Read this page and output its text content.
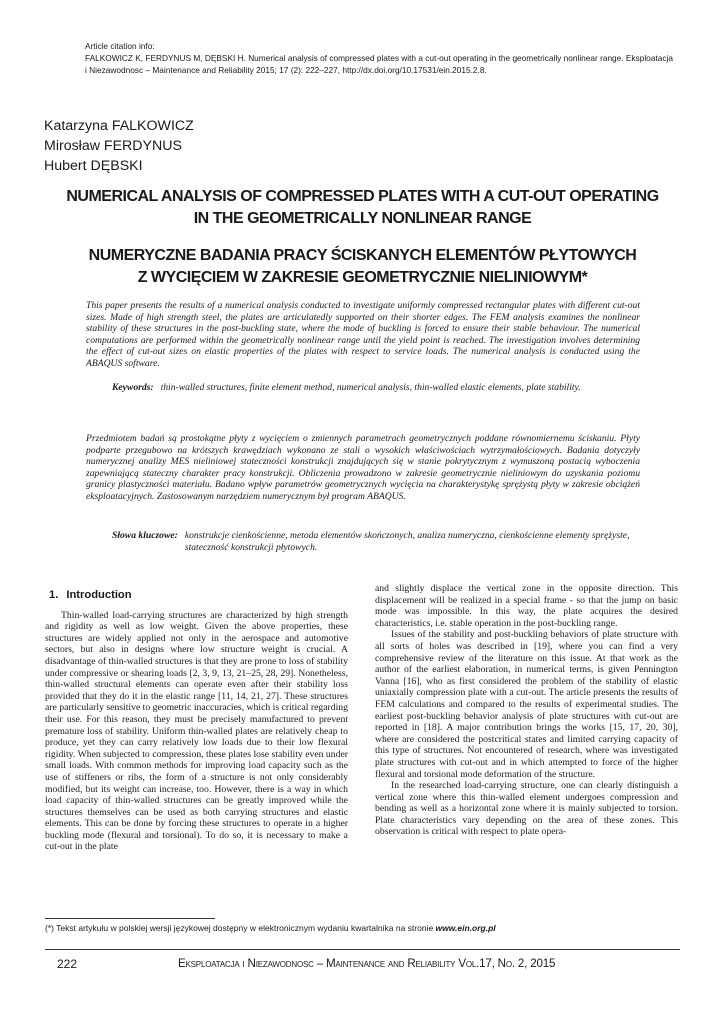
Article citation info:
FALKOWICZ K, FERDYNUS M, DĘBSKI H. Numerical analysis of compressed plates with a cut-out operating in the geometrically nonlinear range. Eksploatacja i Niezawodnosc – Maintenance and Reliability 2015; 17 (2): 222–227, http://dx.doi.org/10.17531/ein.2015.2.8.
Katarzyna FALKOWICZ
Mirosław FERDYNUS
Hubert DĘBSKI
NUMERICAL ANALYSIS OF COMPRESSED PLATES WITH A CUT-OUT OPERATING
IN THE GEOMETRICALLY NONLINEAR RANGE
NUMERYCZNE BADANIA PRACY ŚCISKANYCH ELEMENTÓW PŁYTOWYCH
Z WYCIĘCIEM W ZAKRESIE GEOMETRYCZNIE NIELINIOWYM*
This paper presents the results of a numerical analysis conducted to investigate uniformly compressed rectangular plates with different cut-out sizes. Made of high strength steel, the plates are articulatedly supported on their shorter edges. The FEM analysis examines the nonlinear stability of these structures in the post-buckling state, where the mode of buckling is forced to ensure their stable behaviour. The numerical computations are performed within the geometrically nonlinear range until the yield point is reached. The investigation involves determining the effect of cut-out sizes on elastic properties of the plates with respect to service loads. The numerical analysis is conducted using the ABAQUS software.
Keywords: thin-walled structures, finite element method, numerical analysis, thin-walled elastic elements, plate stability.
Przedmiotem badań są prostokątne płyty z wycięciem o zmiennych parametrach geometrycznych poddane równomiernemu ściskaniu. Płyty podparte przegubowo na krótszych krawędziach wykonano ze stali o wysokich właściwościach wytrzymałościowych. Badania dotyczyły numerycznej analizy MES nieliniowej stateczności konstrukcji znajdujących się w stanie pokrytycznym z wymuszoną postacią wyboczenia zapewniającą stateczny charakter pracy konstrukcji. Obliczenia prowadzono w zakresie geometrycznie nieliniowym do uzyskania poziomu granicy plastyczności materiału. Badano wpływ parametrów geometrycznych wycięcia na charakterystykę sprężystą płyty w zakresie obciążeń eksploatacyjnych. Zastosowanym narzędziem numerycznym był program ABAQUS.
Słowa kluczowe: konstrukcje cienkościenne, metoda elementów skończonych, analiza numeryczna, cienkościenne elementy sprężyste, stateczność konstrukcji płytowych.
1. Introduction

Thin-walled load-carrying structures are characterized by high strength and rigidity as well as low weight. Given the above properties, these structures are widely applied not only in the aerospace and automotive sectors, but also in designs where low structure weight is crucial. A disadvantage of thin-walled structures is that they are prone to loss of stability under compressive or shearing loads [2, 3, 9, 13, 21–25, 28, 29]. Nonetheless, thin-walled structural elements can operate even after their stability loss provided that they do it in the elastic range [11, 14, 21, 27]. These structures are particularly sensitive to geometric inaccuracies, which is critical regarding their use. For this reason, they must be precisely manufactured to prevent premature loss of stability. Uniform thin-walled plates are relatively cheap to produce, yet they can carry relatively low loads due to their low flexural rigidity. When subjected to compression, these plates lose stability even under small loads. With common methods for improving load capacity such as the use of stiffeners or ribs, the form of a structure is not only considerably modified, but its weight can increase, too. However, there is a way in which load capacity of thin-walled structures can be greatly improved while the structures themselves can be used as both carrying structures and elastic elements. This can be done by forcing these structures to operate in a higher buckling mode (flexural and torsional). To do so, it is necessary to make a cut-out in the plate

and slightly displace the vertical zone in the opposite direction. This displacement will be realized in a special frame - so that the jump on basic mode was impossible. In this way, the plate acquires the desired characteristics, i.e. stable operation in the post-buckling range.

Issues of the stability and post-buckling behaviors of plate structure with all sorts of holes was described in [19], where you can find a very comprehensive review of the literature on this issue. At that work as the author of the earliest elaboration, in numerical terms, is given Pennington Vanna [16], who as first considered the problem of the stability of elastic uniaxially compression plate with a cut-out. The article presents the results of FEM calculations and compared to the results of experimental studies. The earliest post-buckling behavior analysis of plate structures with cut-out are reported in [18]. A major contribution brings the works [15, 17, 20, 30], where are considered the postcritical states and limited carrying capacity of this type of structures. Not encountered of research, where was investigated plate structures with cut-out and in which attempted to force of the higher flexural and torsional mode deformation of the structure.

In the researched load-carrying structure, one can clearly distinguish a vertical zone where this thin-walled element undergoes compression and bending as well as a horizontal zone where it is mainly subjected to torsion. Plate characteristics vary depending on the area of these zones. This observation is critical with respect to plate opera-

(*) Tekst artykułu w polskiej wersji językowej dostępny w elektronicznym wydaniu kwartalnika na stronie www.ein.org.pl
222	Eksploatacja i Niezawodnosc – Maintenance and Reliability Vol.17, No. 2, 2015
